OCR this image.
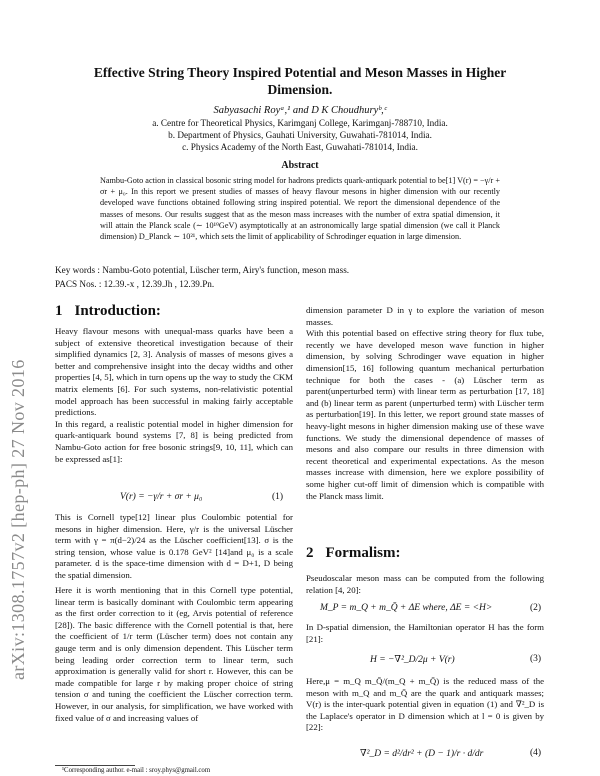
arXiv:1308.1757v2 [hep-ph] 27 Nov 2016
Effective String Theory Inspired Potential and Meson Masses in Higher Dimension.
Sabyasachi Royᵃ,¹ and D K Choudhuryᵇ,ᶜ
a. Centre for Theoretical Physics, Karimganj College, Karimganj-788710, India.
b. Department of Physics, Gauhati University, Guwahati-781014, India.
c. Physics Academy of the North East, Guwahati-781014, India.
Abstract
Nambu-Goto action in classical bosonic string model for hadrons predicts quark-antiquark potential to be[1] V(r) = −γ/r + σr + μ₀. In this report we present studies of masses of heavy flavour mesons in higher dimension with our recently developed wave functions obtained following string inspired potential. We report the dimensional dependence of the masses of mesons. Our results suggest that as the meson mass increases with the number of extra spatial dimension, it will attain the Planck scale (∼ 10¹⁹GeV) asymptotically at an astronomically large spatial dimension (we call it Planck dimension) D_Planck ∼ 10²¹, which sets the limit of applicability of Schrodinger equation in large dimension.
Key words : Nambu-Goto potential, Lüscher term, Airy's function, meson mass.
PACS Nos. : 12.39.-x , 12.39.Jh , 12.39.Pn.
1 Introduction:

Heavy flavour mesons with unequal-mass quarks have been a subject of extensive theoretical investigation because of their simplified dynamics [2, 3]. Analysis of masses of mesons gives a better and comprehensive insight into the decay widths and other properties [4, 5], which in turn opens up the way to study the CKM matrix elements [6]. For such systems, non-relativistic potential model approach has been successful in making fairly acceptable predictions.

In this regard, a realistic potential model in higher dimension for quark-antiquark bound systems [7, 8] is being predicted from Nambu-Goto action for free bosonic strings[9, 10, 11], which can be expressed as[1]:

V(r) = −γ/r + σr + μ₀	(1)

This is Cornell type[12] linear plus Coulombic potential for mesons in higher dimension. Here, γ/r is the universal Lüscher term with γ = π(d−2)/24 as the Lüscher coefficient[13]. σ is the string tension, whose value is 0.178 GeV² [14]and μ₀ is a scale parameter. d is the space-time dimension with d = D+1, D being the spatial dimension.

Here it is worth mentioning that in this Cornell type potential, linear term is basically dominant with Coulombic term appearing as the first order correction to it (eg, Arvis potential of reference [28]). The basic difference with the Cornell potential is that, here the coefficient of 1/r term (Lüscher term) does not contain any gauge term and is only dimension dependent. This Lüscher term being leading order correction term to linear term, such approximation is generally valid for short r. However, this can be made compatible for large r by making proper choice of string tension σ and tuning the coefficient the Lüscher correction term. However, in our analysis, for simplification, we have worked with fixed value of σ and increasing values of

dimension parameter D in γ to explore the variation of meson masses.

With this potential based on effective string theory for flux tube, recently we have developed meson wave function in higher dimension, by solving Schrodinger wave equation in higher dimension[15, 16] following quantum mechanical perturbation technique for both the cases - (a) Lüscher term as parent(unperturbed term) with linear term as perturbation [17, 18] and (b) linear term as parent (unperturbed term) with Lüscher term as perturbation[19]. In this letter, we report ground state masses of heavy-light mesons in higher dimension making use of these wave functions. We study the dimensional dependence of masses of mesons and also compare our results in three dimension with recent theoretical and experimental expectations. As the meson masses increase with dimension, here we explore possibility of some higher cut-off limit of dimension which is compatible with the Planck mass limit.

2 Formalism:

Pseudoscalar meson mass can be computed from the following relation [4, 20]:

M_P = m_Q + m_Q̄ + ΔE where, ΔE = <H>	(2)

In D-spatial dimension, the Hamiltonian operator H has the form [21]:

H = −∇²_D/2μ + V(r)	(3)

Here,μ = m_Q m_Q̄/(m_Q + m_Q̄) is the reduced mass of the meson with m_Q and m_Q̄ are the quark and antiquark masses; V(r) is the inter-quark potential given in equation (1) and ∇²_D is the Laplace's operator in D dimension which at l = 0 is given by [22]:

∇²_D = d²/dr² + (D − 1)/r · d/dr	(4)
¹Corresponding author. e-mail : sroy.phys@gmail.com
